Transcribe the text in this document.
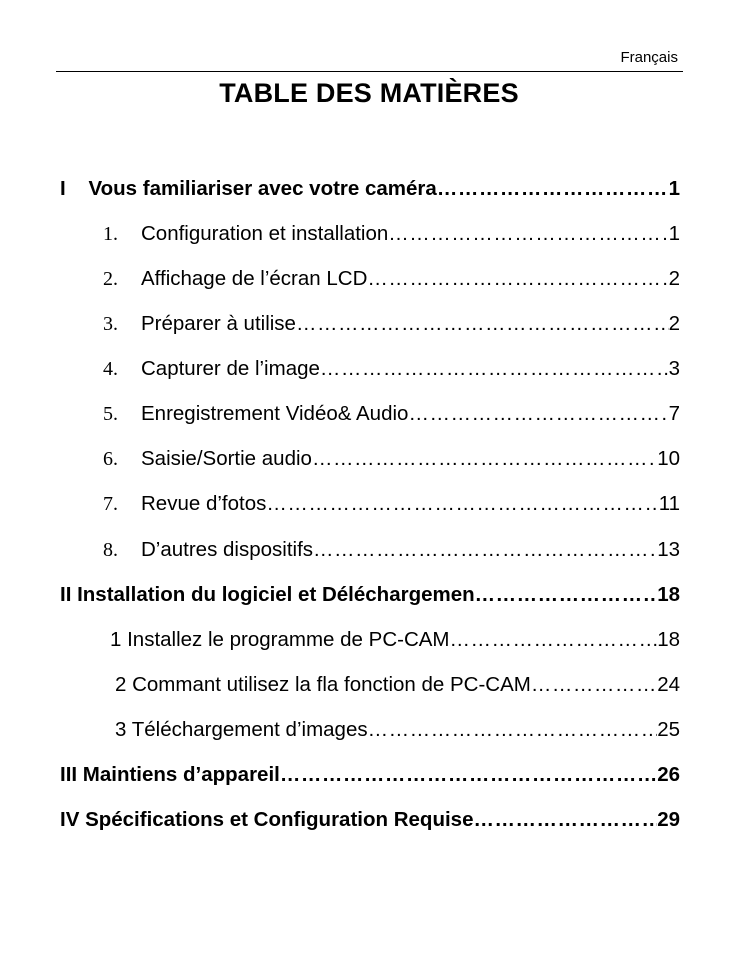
Français
TABLE DES MATIÈRES
I    Vous familiariser avec votre caméra ……………………………………………………………………………………………………………………………………	1
1.	Configuration et installation ……………………………………………………………………………………………………………………………………	1
2.	Affichage de l’écran LCD ……………………………………………………………………………………………………………………………………	2
3.	Préparer à utilise ……………………………………………………………………………………………………………………………………	2
4.	Capturer de l’image ……………………………………………………………………………………………………………………………………	3
5.	Enregistrement Vidéo& Audio ……………………………………………………………………………………………………………………………………	7
6.	Saisie/Sortie audio ……………………………………………………………………………………………………………………………………	10
7.	Revue d’fotos ……………………………………………………………………………………………………………………………………	11
8.	D’autres dispositifs ……………………………………………………………………………………………………………………………………	13
II Installation du logiciel et Déléchargemen ……………………………………………………………………………………………………………………………………	18
1 Installez le programme de PC-CAM ……………………………………………………………………………………………………………………………………	18
2 Commant utilisez la fla fonction de PC-CAM ……………………………………………………………………………………………………………………………………	24
3 Téléchargement d’images ……………………………………………………………………………………………………………………………………	25
III Maintiens d’appareil ……………………………………………………………………………………………………………………………………	26
IV Spécifications et Configuration Requise ……………………………………………………………………………………………………………………………………	29
